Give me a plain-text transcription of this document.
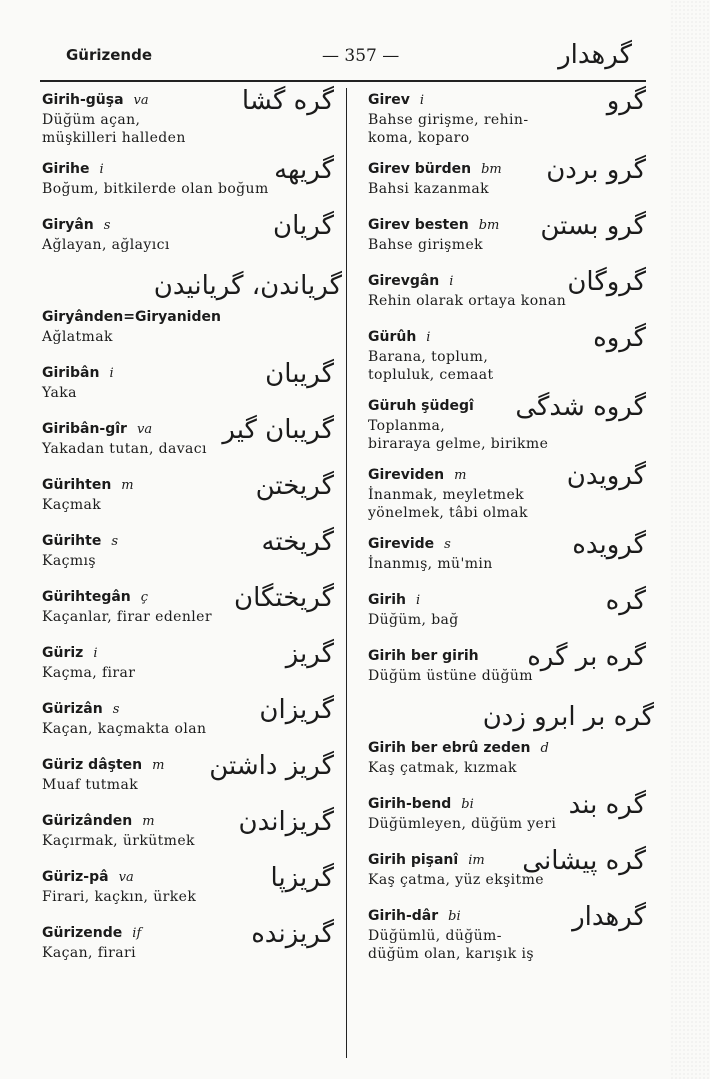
Gürizende	— 357 —	گرهدار
Girih-güşa va
Düğüm açan,
müşkilleri halleden
گره گشا
Girihe i
Boğum, bitkilerde olan boğum
گریهه
Giryân s
Ağlayan, ağlayıcı
گریان
گریاندن، گریانیدن
Giryânden=Giryaniden
Ağlatmak
Giribân i
Yaka
گریبان
Giribân-gîr va
Yakadan tutan, davacı
گریبان گیر
Gürihten m
Kaçmak
گریختن
Gürihte s
Kaçmış
گریخته
Gürihtegân ç
Kaçanlar, firar edenler
گریختگان
Güriz i
Kaçma, firar
گریز
Gürizân s
Kaçan, kaçmakta olan
گریزان
Güriz dâşten m
Muaf tutmak
گریز داشتن
Gürizânden m
Kaçırmak, ürkütmek
گریزاندن
Güriz-pâ va
Firari, kaçkın, ürkek
گریزپا
Gürizende if
Kaçan, firari
گریزنده
Girev i
Bahse girişme, rehin-
koma, koparo
گرو
Girev bürden bm
Bahsi kazanmak
گرو بردن
Girev besten bm
Bahse girişmek
گرو بستن
Girevgân i
Rehin olarak ortaya konan
گروگان
Gürûh i
Barana, toplum,
topluluk, cemaat
گروه
Güruh şüdegî
Toplanma,
biraraya gelme, birikme
گروه شدگی
Gireviden m
İnanmak, meyletmek
yönelmek, tâbi olmak
گرویدن
Girevide s
İnanmış, mü'min
گرویده
Girih i
Düğüm, bağ
گره
Girih ber girih
Düğüm üstüne düğüm
گره بر گره
گره بر ابرو زدن
Girih ber ebrû zeden d
Kaş çatmak, kızmak
Girih-bend bi
Düğümleyen, düğüm yeri
گره بند
Girih pişanî im
Kaş çatma, yüz ekşitme
گره پیشانی
Girih-dâr bi
Düğümlü, düğüm-
düğüm olan, karışık iş
گرهدار
